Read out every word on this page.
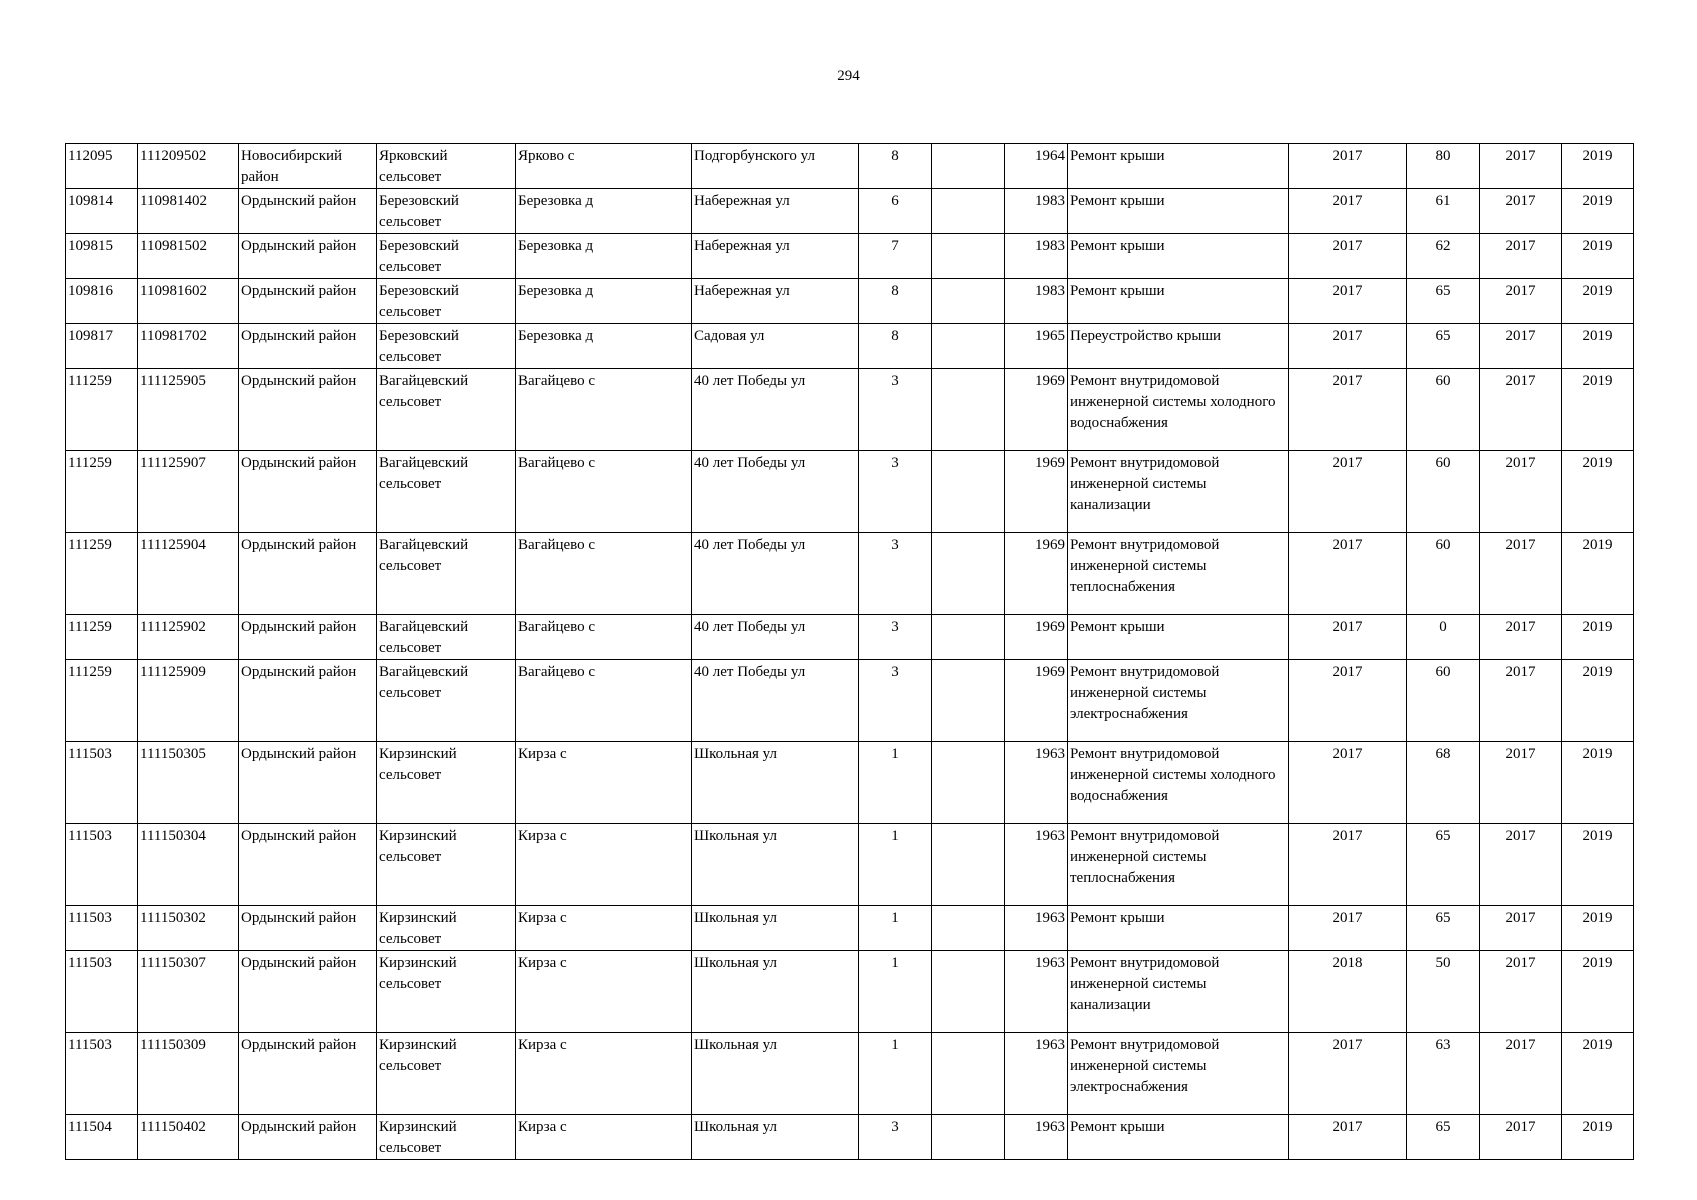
294
112095	111209502	Новосибирский район	Ярковский сельсовет	Ярково с	Подгорбунского ул	8		1964	Ремонт крыши	2017	80	2017	2019
109814	110981402	Ордынский район	Березовский сельсовет	Березовка д	Набережная ул	6		1983	Ремонт крыши	2017	61	2017	2019
109815	110981502	Ордынский район	Березовский сельсовет	Березовка д	Набережная ул	7		1983	Ремонт крыши	2017	62	2017	2019
109816	110981602	Ордынский район	Березовский сельсовет	Березовка д	Набережная ул	8		1983	Ремонт крыши	2017	65	2017	2019
109817	110981702	Ордынский район	Березовский сельсовет	Березовка д	Садовая ул	8		1965	Переустройство крыши	2017	65	2017	2019
111259	111125905	Ордынский район	Вагайцевский сельсовет	Вагайцево с	40 лет Победы ул	3		1969	Ремонт внутридомовой инженерной системы холодного водоснабжения	2017	60	2017	2019
111259	111125907	Ордынский район	Вагайцевский сельсовет	Вагайцево с	40 лет Победы ул	3		1969	Ремонт внутридомовой инженерной системы канализации	2017	60	2017	2019
111259	111125904	Ордынский район	Вагайцевский сельсовет	Вагайцево с	40 лет Победы ул	3		1969	Ремонт внутридомовой инженерной системы теплоснабжения	2017	60	2017	2019
111259	111125902	Ордынский район	Вагайцевский сельсовет	Вагайцево с	40 лет Победы ул	3		1969	Ремонт крыши	2017	0	2017	2019
111259	111125909	Ордынский район	Вагайцевский сельсовет	Вагайцево с	40 лет Победы ул	3		1969	Ремонт внутридомовой инженерной системы электроснабжения	2017	60	2017	2019
111503	111150305	Ордынский район	Кирзинский сельсовет	Кирза с	Школьная ул	1		1963	Ремонт внутридомовой инженерной системы холодного водоснабжения	2017	68	2017	2019
111503	111150304	Ордынский район	Кирзинский сельсовет	Кирза с	Школьная ул	1		1963	Ремонт внутридомовой инженерной системы теплоснабжения	2017	65	2017	2019
111503	111150302	Ордынский район	Кирзинский сельсовет	Кирза с	Школьная ул	1		1963	Ремонт крыши	2017	65	2017	2019
111503	111150307	Ордынский район	Кирзинский сельсовет	Кирза с	Школьная ул	1		1963	Ремонт внутридомовой инженерной системы канализации	2018	50	2017	2019
111503	111150309	Ордынский район	Кирзинский сельсовет	Кирза с	Школьная ул	1		1963	Ремонт внутридомовой инженерной системы электроснабжения	2017	63	2017	2019
111504	111150402	Ордынский район	Кирзинский сельсовет	Кирза с	Школьная ул	3		1963	Ремонт крыши	2017	65	2017	2019
